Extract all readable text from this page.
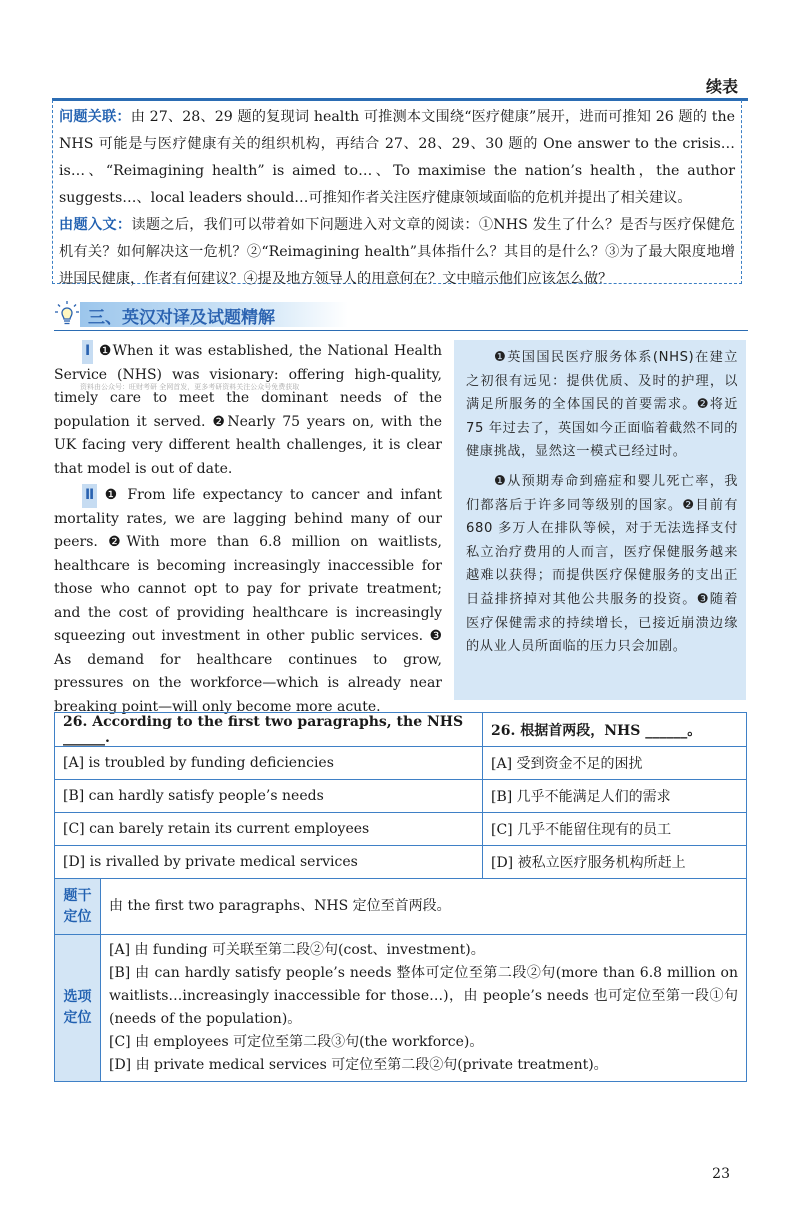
续表

问题关联：由 27、28、29 题的复现词 health 可推测本文围绕“医疗健康”展开，进而可推知 26 题的 the NHS 可能是与医疗健康有关的组织机构，再结合 27、28、29、30 题的 One answer to the crisis…is…、“Reimagining health” is aimed to…、To maximise the nation’s health，the author suggests…、local leaders should…可推知作者关注医疗健康领域面临的危机并提出了相关建议。

由题入文：读题之后，我们可以带着如下问题进入对文章的阅读：①NHS 发生了什么？是否与医疗保健危机有关？如何解决这一危机？②“Reimagining health”具体指什么？其目的是什么？③为了最大限度地增进国民健康，作者有何建议？④提及地方领导人的用意何在？文中暗示他们应该怎么做？

三、英汉对译及试题精解

Ⅰ ❶When it was established, the National Health Service (NHS) was visionary: offering high-quality, timely care to meet the dominant needs of the population it served. ❷Nearly 75 years on, with the UK facing very different health challenges, it is clear that model is out of date.

Ⅱ ❶ From life expectancy to cancer and infant mortality rates, we are lagging behind many of our peers. ❷With more than 6.8 million on waitlists, healthcare is becoming increasingly inaccessible for those who cannot opt to pay for private treatment; and the cost of providing healthcare is increasingly squeezing out investment in other public services. ❸ As demand for healthcare continues to grow, pressures on the workforce—which is already near breaking point—will only become more acute.

资料由公众号：旺财考研 全网首发，更多考研资料关注公众号免费获取

❶英国国民医疗服务体系(NHS)在建立之初很有远见：提供优质、及时的护理，以满足所服务的全体国民的首要需求。❷将近 75 年过去了，英国如今正面临着截然不同的健康挑战，显然这一模式已经过时。

❶从预期寿命到癌症和婴儿死亡率，我们都落后于许多同等级别的国家。❷目前有 680 多万人在排队等候，对于无法选择支付私立治疗费用的人而言，医疗保健服务越来越难以获得；而提供医疗保健服务的支出正日益排挤掉对其他公共服务的投资。❸随着医疗保健需求的持续增长，已接近崩溃边缘的从业人员所面临的压力只会加剧。

26. According to the first two paragraphs, the NHS ______.		26. 根据首两段，NHS ______。
[A] is troubled by funding deficiencies		[A] 受到资金不足的困扰
[B] can hardly satisfy people’s needs		[B] 几乎不能满足人们的需求
[C] can barely retain its current employees		[C] 几乎不能留住现有的员工
[D] is rivalled by private medical services		[D] 被私立医疗服务机构所赶上

题干
定位	由 the first two paragraphs、NHS 定位至首两段。	

选项
定位	[A] 由 funding 可关联至第二段②句(cost、investment)。
[B] 由 can hardly satisfy people’s needs 整体可定位至第二段②句(more than 6.8 million on waitlists…increasingly inaccessible for those…)，由 people’s needs 也可定位至第一段①句(needs of the population)。
[C] 由 employees 可定位至第二段③句(the workforce)。
[D] 由 private medical services 可定位至第二段②句(private treatment)。	
23
